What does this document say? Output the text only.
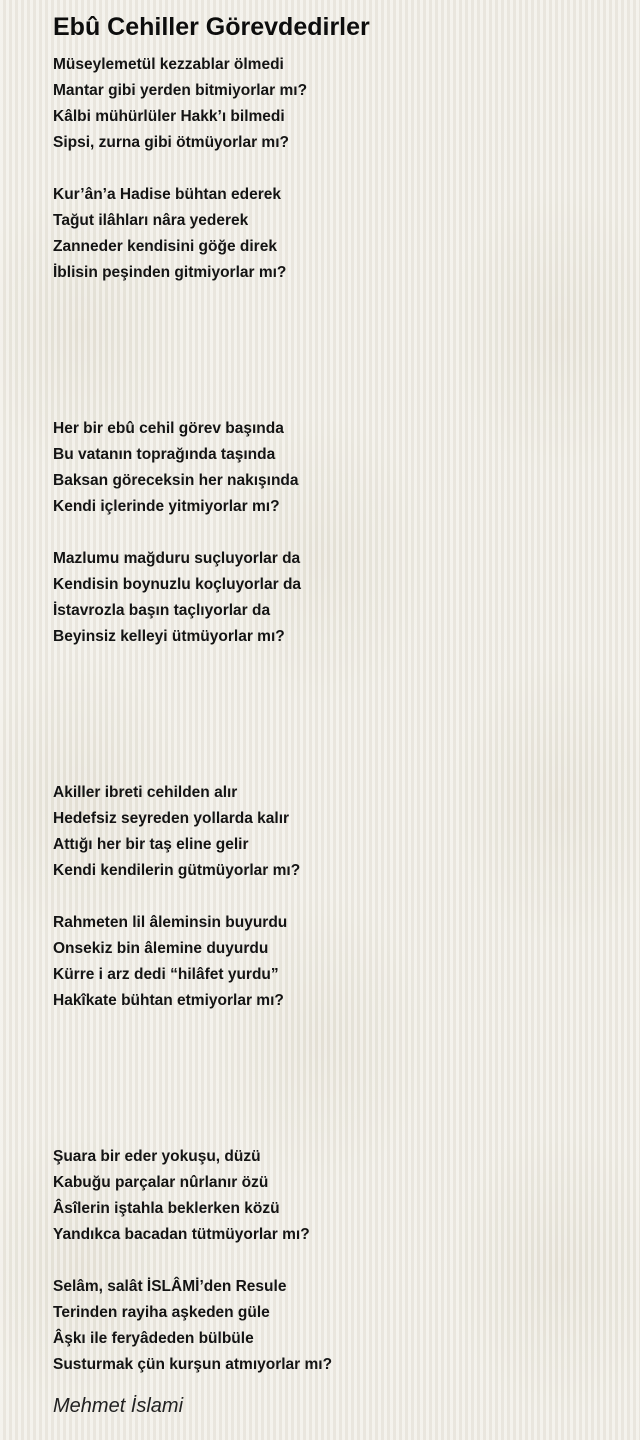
Ebû Cehiller Görevdedirler
Müseylemetül kezzablar ölmedi
Mantar gibi yerden bitmiyorlar mı?
Kâlbi mühürlüler Hakk’ı bilmedi
Sipsi, zurna gibi ötmüyorlar mı?
Kur’ân’a Hadise bühtan ederek
Tağut ilâhları nâra yederek
Zanneder kendisini göğe direk
İblisin peşinden gitmiyorlar mı?
Her bir ebû cehil görev başında
Bu vatanın toprağında taşında
Baksan göreceksin her nakışında
Kendi içlerinde yitmiyorlar mı?
Mazlumu mağduru suçluyorlar da
Kendisin boynuzlu koçluyorlar da
İstavrozla başın taçlıyorlar da
Beyinsiz kelleyi ütmüyorlar mı?
Akiller ibreti cehilden alır
Hedefsiz seyreden yollarda kalır
Attığı her bir taş eline gelir
Kendi kendilerin gütmüyorlar mı?
Rahmeten lil âleminsin buyurdu
Onsekiz bin âlemine duyurdu
Kürre i arz dedi “hilâfet yurdu”
Hakîkate bühtan etmiyorlar mı?
Şuara bir eder yokuşu, düzü
Kabuğu parçalar nûrlanır özü
Âsîlerin iştahla beklerken közü
Yandıkca bacadan tütmüyorlar mı?
Selâm, salât İSLÂMİ’den Resule
Terinden rayiha aşkeden güle
Âşkı ile feryâdeden bülbüle
Susturmak çün kurşun atmıyorlar mı?
Mehmet İslami
